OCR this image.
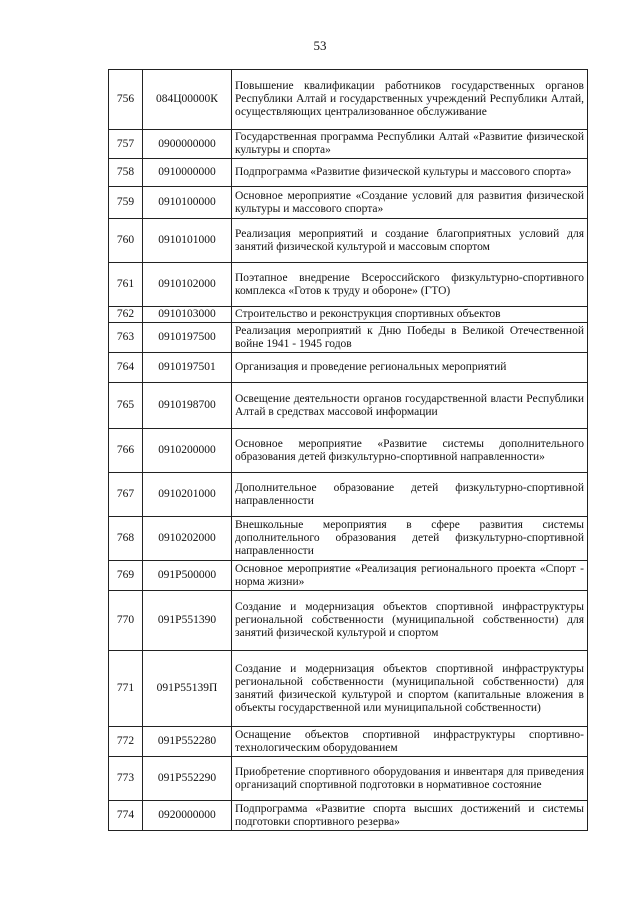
53
756	084Ц00000К	Повышение квалификации работников государственных органов Республики Алтай и государственных учреждений Республики Алтай, осуществляющих централизованное обслуживание
757	0900000000	Государственная программа Республики Алтай «Развитие физической культуры и спорта»
758	0910000000	Подпрограмма «Развитие физической культуры и массового спорта»
759	0910100000	Основное мероприятие «Создание условий для развития физической культуры и массового спорта»
760	0910101000	Реализация мероприятий и создание благоприятных условий для занятий физической культурой и массовым спортом
761	0910102000	Поэтапное внедрение Всероссийского физкультурно-спортивного комплекса «Готов к труду и обороне» (ГТО)
762	0910103000	Строительство и реконструкция спортивных объектов
763	0910197500	Реализация мероприятий к Дню Победы в Великой Отечественной войне 1941 - 1945 годов
764	0910197501	Организация и проведение региональных мероприятий
765	0910198700	Освещение деятельности органов государственной власти Республики Алтай в средствах массовой информации
766	0910200000	Основное мероприятие «Развитие системы дополнительного образования детей физкультурно-спортивной направленности»
767	0910201000	Дополнительное образование детей физкультурно-спортивной направленности
768	0910202000	Внешкольные мероприятия в сфере развития системы дополнительного образования детей физкультурно-спортивной направленности
769	091P500000	Основное мероприятие «Реализация регионального проекта «Спорт - норма жизни»
770	091P551390	Создание и модернизация объектов спортивной инфраструктуры региональной собственности (муниципальной собственности) для занятий физической культурой и спортом
771	091P55139П	Создание и модернизация объектов спортивной инфраструктуры региональной собственности (муниципальной собственности) для занятий физической культурой и спортом (капитальные вложения в объекты государственной или муниципальной собственности)
772	091P552280	Оснащение объектов спортивной инфраструктуры спортивно-технологическим оборудованием
773	091P552290	Приобретение спортивного оборудования и инвентаря для приведения организаций спортивной подготовки в нормативное состояние
774	0920000000	Подпрограмма «Развитие спорта высших достижений и системы подготовки спортивного резерва»
